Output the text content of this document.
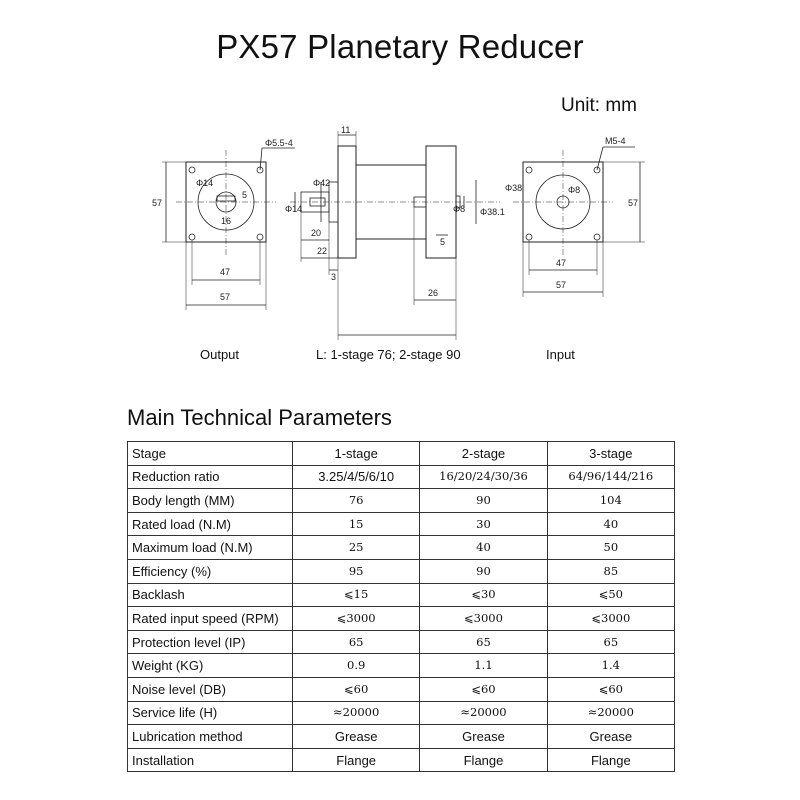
PX57 Planetary Reducer
Unit: mm
Φ5.5-4
Φ14
16
5
57
47
57
11
Φ42
Φ14
20
22
3
Φ8 Φ38.1
5
26
M5-4
Φ38	Φ8
57
47
57
Output	L: 1-stage 76; 2-stage 90	Input
Main Technical Parameters
Stage	1-stage	2-stage	3-stage
Reduction ratio	3.25/4/5/6/10	16/20/24/30/36	64/96/144/216
Body length (MM)	76	90	104
Rated load (N.M)	15	30	40
Maximum load (N.M)	25	40	50
Efficiency (%)	95	90	85
Backlash	⩽15	⩽30	⩽50
Rated input speed (RPM)	⩽3000	⩽3000	⩽3000
Protection level (IP)	65	65	65
Weight (KG)	0.9	1.1	1.4
Noise level (DB)	⩽60	⩽60	⩽60
Service life (H)	≈20000	≈20000	≈20000
Lubrication method	Grease	Grease	Grease
Installation	Flange	Flange	Flange
